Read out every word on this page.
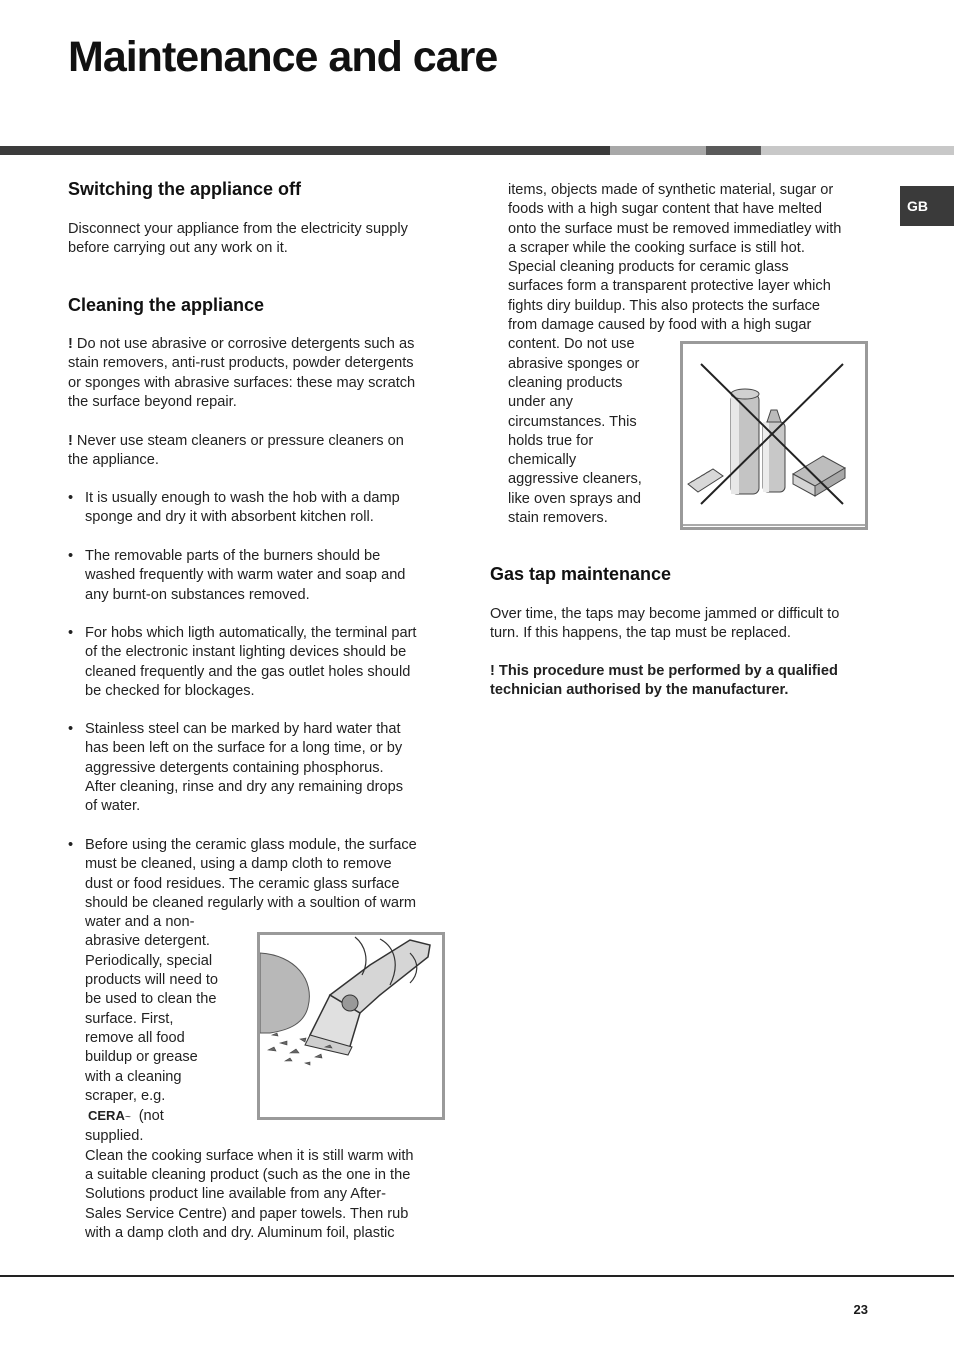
Maintenance and care
GB
Switching the appliance off
Disconnect your appliance from the electricity supply
before carrying out any work on it.
Cleaning the appliance
! Do not use abrasive or corrosive detergents such as
stain removers, anti-rust products, powder detergents
or sponges with abrasive surfaces: these may scratch
the surface beyond repair.
! Never use steam cleaners or pressure cleaners on
the appliance.
• It is usually enough to wash the hob with a damp
sponge and dry it with absorbent kitchen roll.
• The removable parts of the burners should be
washed frequently with warm water and soap and
any burnt-on substances removed.
• For hobs which ligth automatically, the terminal part
of the electronic instant lighting devices should be
cleaned frequently and the gas outlet holes should
be checked for blockages.
• Stainless steel can be marked by hard water that
has been left on the surface for a long time, or by
aggressive detergents containing phosphorus.
After cleaning, rinse and dry any remaining drops
of water.
• Before using the ceramic glass module, the surface
must be cleaned, using a damp cloth to remove
dust or food residues. The ceramic glass surface
should be cleaned regularly with a soultion of warm
water and a non-
abrasive detergent.
Periodically, special
products will need to
be used to clean the
surface. First,
remove all food
buildup or grease
with a cleaning
scraper, e.g.
CERA~ (not
supplied.
Clean the cooking surface when it is still warm with
a suitable cleaning product (such as the one in the
Solutions product line available from any After-
Sales Service Centre) and paper towels. Then rub
with a damp cloth and dry. Aluminum foil, plastic
items, objects made of synthetic material, sugar or
foods with a high sugar content that have melted
onto the surface must be removed immediatley with
a scraper while the cooking surface is still hot.
Special cleaning products for ceramic glass
surfaces form a transparent protective layer which
fights diry buildup. This also protects the surface
from damage caused by food with a high sugar
content. Do not use
abrasive sponges or
cleaning products
under any
circumstances. This
holds true for
chemically
aggressive cleaners,
like oven sprays and
stain removers.
Gas tap maintenance
Over time, the taps may become jammed or difficult to
turn. If this happens, the tap must be replaced.
! This procedure must be performed by a qualified
technician authorised by the manufacturer.
23
